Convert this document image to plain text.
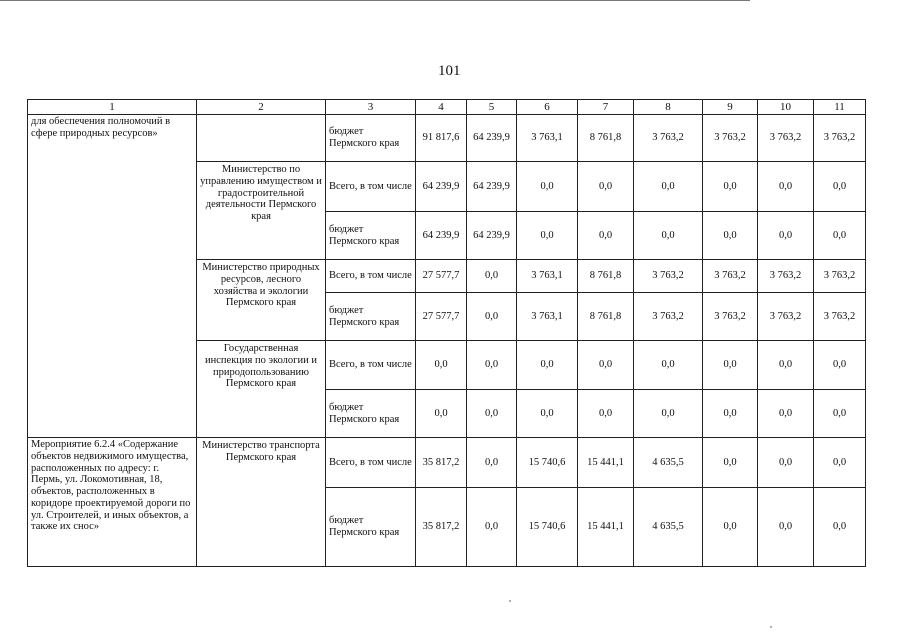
101
1	2	3	4	5	6	7	8	9	10	11
для обеспечения полномочий в сфере природных ресурсов»		бюджет Пермского края	91 817,6	64 239,9	3 763,1	8 761,8	3 763,2	3 763,2	3 763,2	3 763,2
	Министерство по управлению имуществом и градостроительной деятельности Пермского края	Всего, в том числе	64 239,9	64 239,9	0,0	0,0	0,0	0,0	0,0	0,0
		бюджет Пермского края	64 239,9	64 239,9	0,0	0,0	0,0	0,0	0,0	0,0
	Министерство природных ресурсов, лесного хозяйства и экологии Пермского края	Всего, в том числе	27 577,7	0,0	3 763,1	8 761,8	3 763,2	3 763,2	3 763,2	3 763,2
		бюджет Пермского края	27 577,7	0,0	3 763,1	8 761,8	3 763,2	3 763,2	3 763,2	3 763,2
	Государственная инспекция по экологии и природопользованию Пермского края	Всего, в том числе	0,0	0,0	0,0	0,0	0,0	0,0	0,0	0,0
		бюджет Пермского края	0,0	0,0	0,0	0,0	0,0	0,0	0,0	0,0
Мероприятие 6.2.4 «Содержание объектов недвижимого имущества, расположенных по адресу: г. Пермь, ул. Локомотивная, 18, объектов, расположенных в коридоре проектируемой дороги по ул. Строителей, и иных объектов, а также их снос»	Министерство транспорта Пермского края	Всего, в том числе	35 817,2	0,0	15 740,6	15 441,1	4 635,5	0,0	0,0	0,0
		бюджет Пермского края	35 817,2	0,0	15 740,6	15 441,1	4 635,5	0,0	0,0	0,0
